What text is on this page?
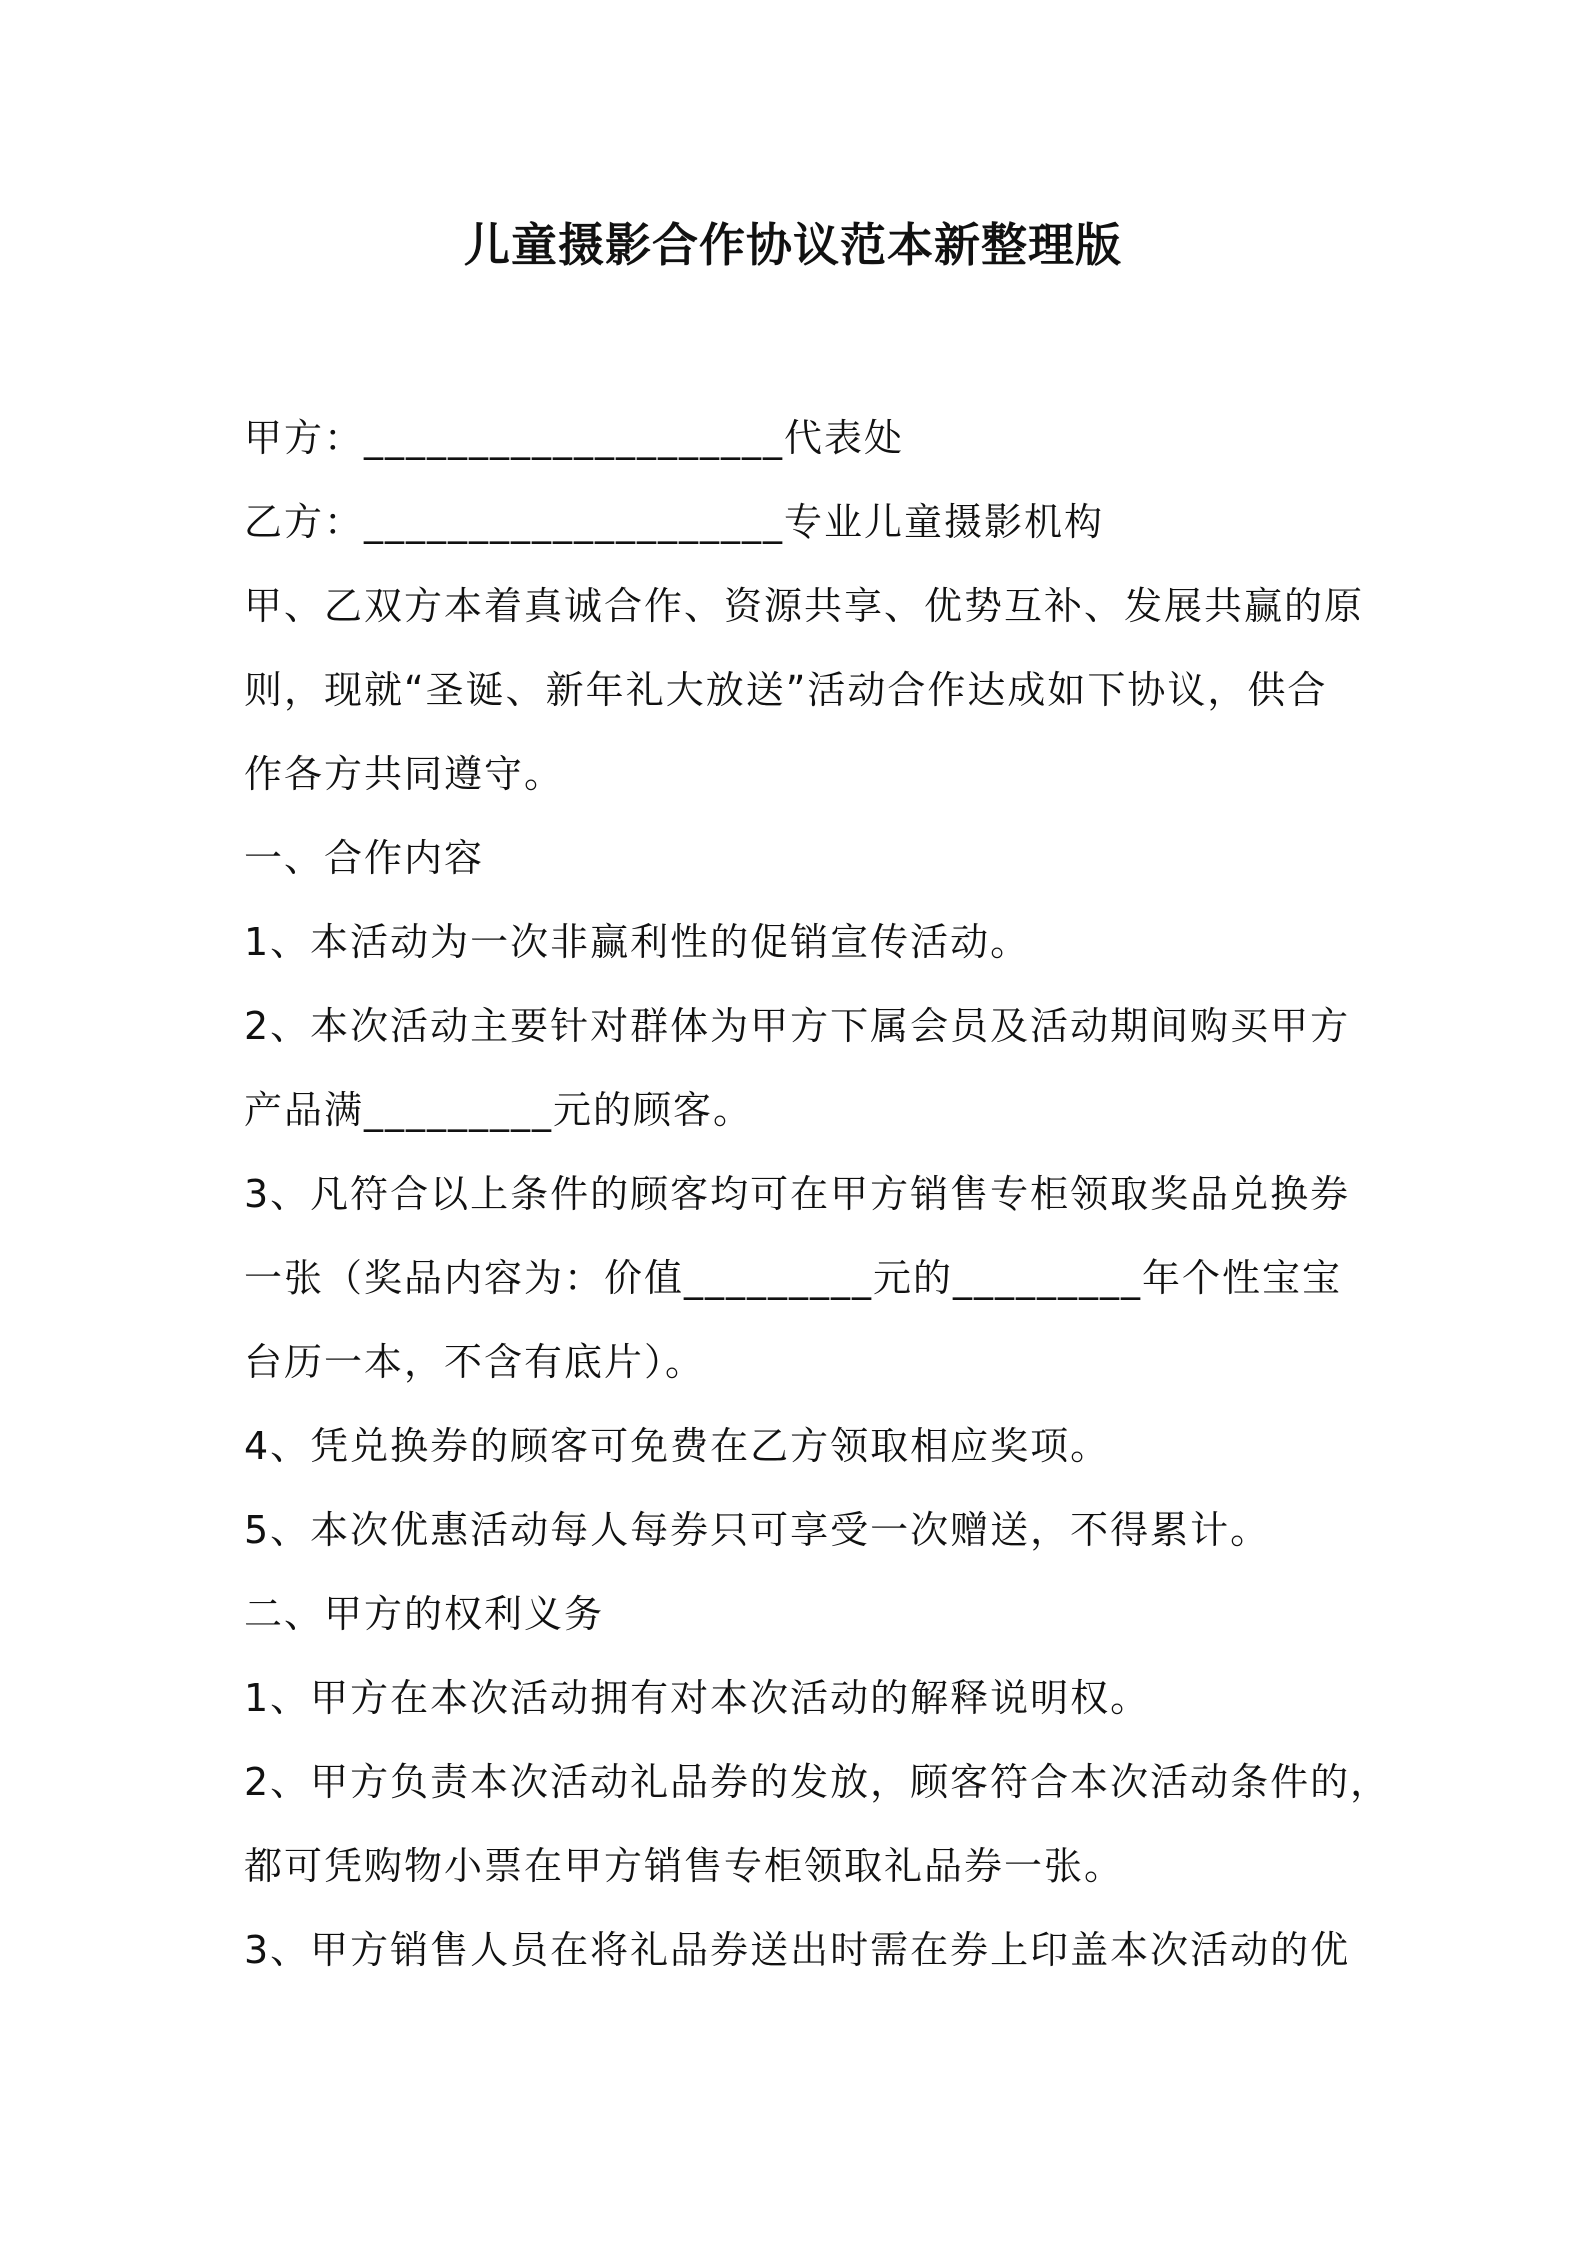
儿童摄影合作协议范本新整理版
甲方：____________________代表处
乙方：____________________专业儿童摄影机构
甲、乙双方本着真诚合作、资源共享、优势互补、发展共赢的原
则，现就“圣诞、新年礼大放送”活动合作达成如下协议，供合
作各方共同遵守。
一、合作内容
1、本活动为一次非赢利性的促销宣传活动。
2、本次活动主要针对群体为甲方下属会员及活动期间购买甲方
产品满_________元的顾客。
3、凡符合以上条件的顾客均可在甲方销售专柜领取奖品兑换券
一张（奖品内容为：价值_________元的_________年个性宝宝
台历一本，不含有底片）。
4、凭兑换券的顾客可免费在乙方领取相应奖项。
5、本次优惠活动每人每券只可享受一次赠送，不得累计。
二、甲方的权利义务
1、甲方在本次活动拥有对本次活动的解释说明权。
2、甲方负责本次活动礼品券的发放，顾客符合本次活动条件的，
都可凭购物小票在甲方销售专柜领取礼品券一张。
3、甲方销售人员在将礼品券送出时需在券上印盖本次活动的优
